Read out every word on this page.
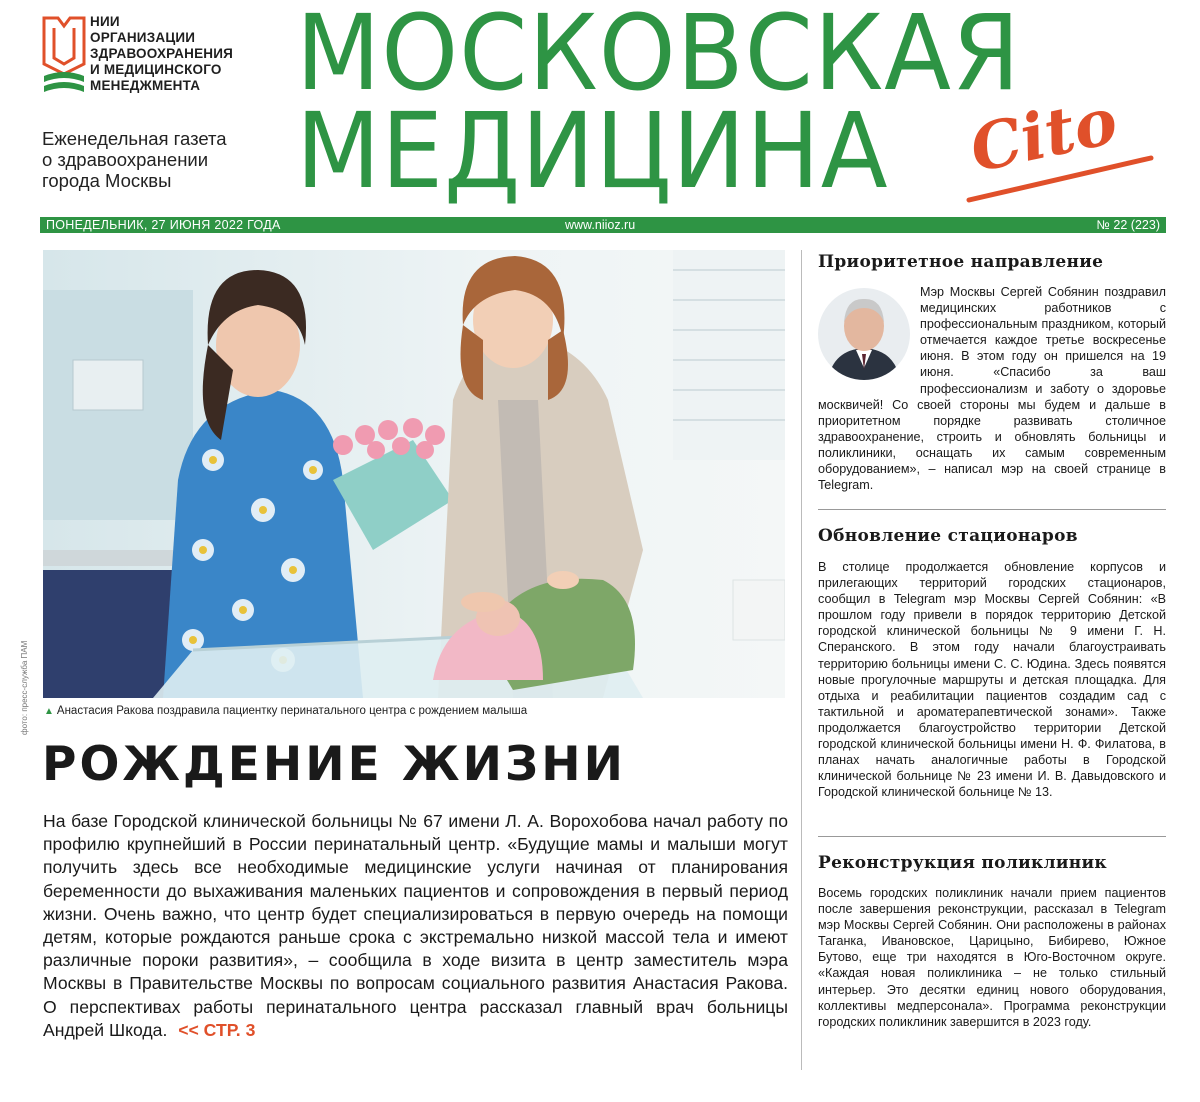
НИИ
ОРГАНИЗАЦИИ
ЗДРАВООХРАНЕНИЯ
И МЕДИЦИНСКОГО
МЕНЕДЖМЕНТА
Еженедельная газета
о здравоохранении
города Москвы
МОСКОВСКАЯ
МЕДИЦИНА	Cito
ПОНЕДЕЛЬНИК, 27 ИЮНЯ 2022 ГОДА	www.niioz.ru	№ 22 (223)
фото: пресс-служба ПАМ ▲ Анастасия Ракова поздравила пациентку перинатального центра с рождением малыша
РОЖДЕНИЕ ЖИЗНИ
На базе Городской клинической больницы № 67 имени Л. А. Ворохобова начал работу по профилю крупнейший в России перинатальный центр. «Будущие мамы и малыши могут получить здесь все необходимые медицинские услуги начиная от планирования беременности до выхаживания маленьких пациентов и сопровождения в первый период жизни. Очень важно, что центр будет специализироваться в первую очередь на помощи детям, которые рождаются раньше срока с экстремально низкой массой тела и имеют различные пороки развития», – сообщила в ходе визита в центр заместитель мэра Москвы в Правительстве Москвы по вопросам социального развития Анастасия Ракова. О перспективах работы перинатального центра рассказал главный врач больницы Андрей Шкода. << СТР. 3
Приоритетное направление

Мэр Москвы Сергей Собянин поздравил медицинских работников с профессиональным праздником, который отмечается каждое третье воскресенье июня. В этом году он пришелся на 19 июня. «Спасибо за ваш профессионализм и заботу о здоровье москвичей! Со своей стороны мы будем и дальше в приоритетном порядке развивать столичное здравоохранение, строить и обновлять больницы и поликлиники, оснащать их самым современным оборудованием», – написал мэр на своей странице в Telegram.

Обновление стационаров

В столице продолжается обновление корпусов и прилегающих территорий городских стационаров, сообщил в Telegram мэр Москвы Сергей Собянин: «В прошлом году привели в порядок территорию Детской городской клинической больницы № 9 имени Г. Н. Сперанского. В этом году начали благоустраивать территорию больницы имени С. С. Юдина. Здесь появятся новые прогулочные маршруты и детская площадка. Для отдыха и реабилитации пациентов создадим сад с тактильной и ароматерапевтической зонами». Также продолжается благоустройство территории Детской городской клинической больницы имени Н. Ф. Филатова, в планах начать аналогичные работы в Городской клинической больнице № 23 имени И. В. Давыдовского и Городской клинической больнице № 13.

Реконструкция поликлиник

Восемь городских поликлиник начали прием пациентов после завершения реконструкции, рассказал в Telegram мэр Москвы Сергей Собянин. Они расположены в районах Таганка, Ивановское, Царицыно, Бибирево, Южное Бутово, еще три находятся в Юго-Восточном округе. «Каждая новая поликлиника – не только стильный интерьер. Это десятки единиц нового оборудования, коллективы медперсонала». Программа реконструкции городских поликлиник завершится в 2023 году.
